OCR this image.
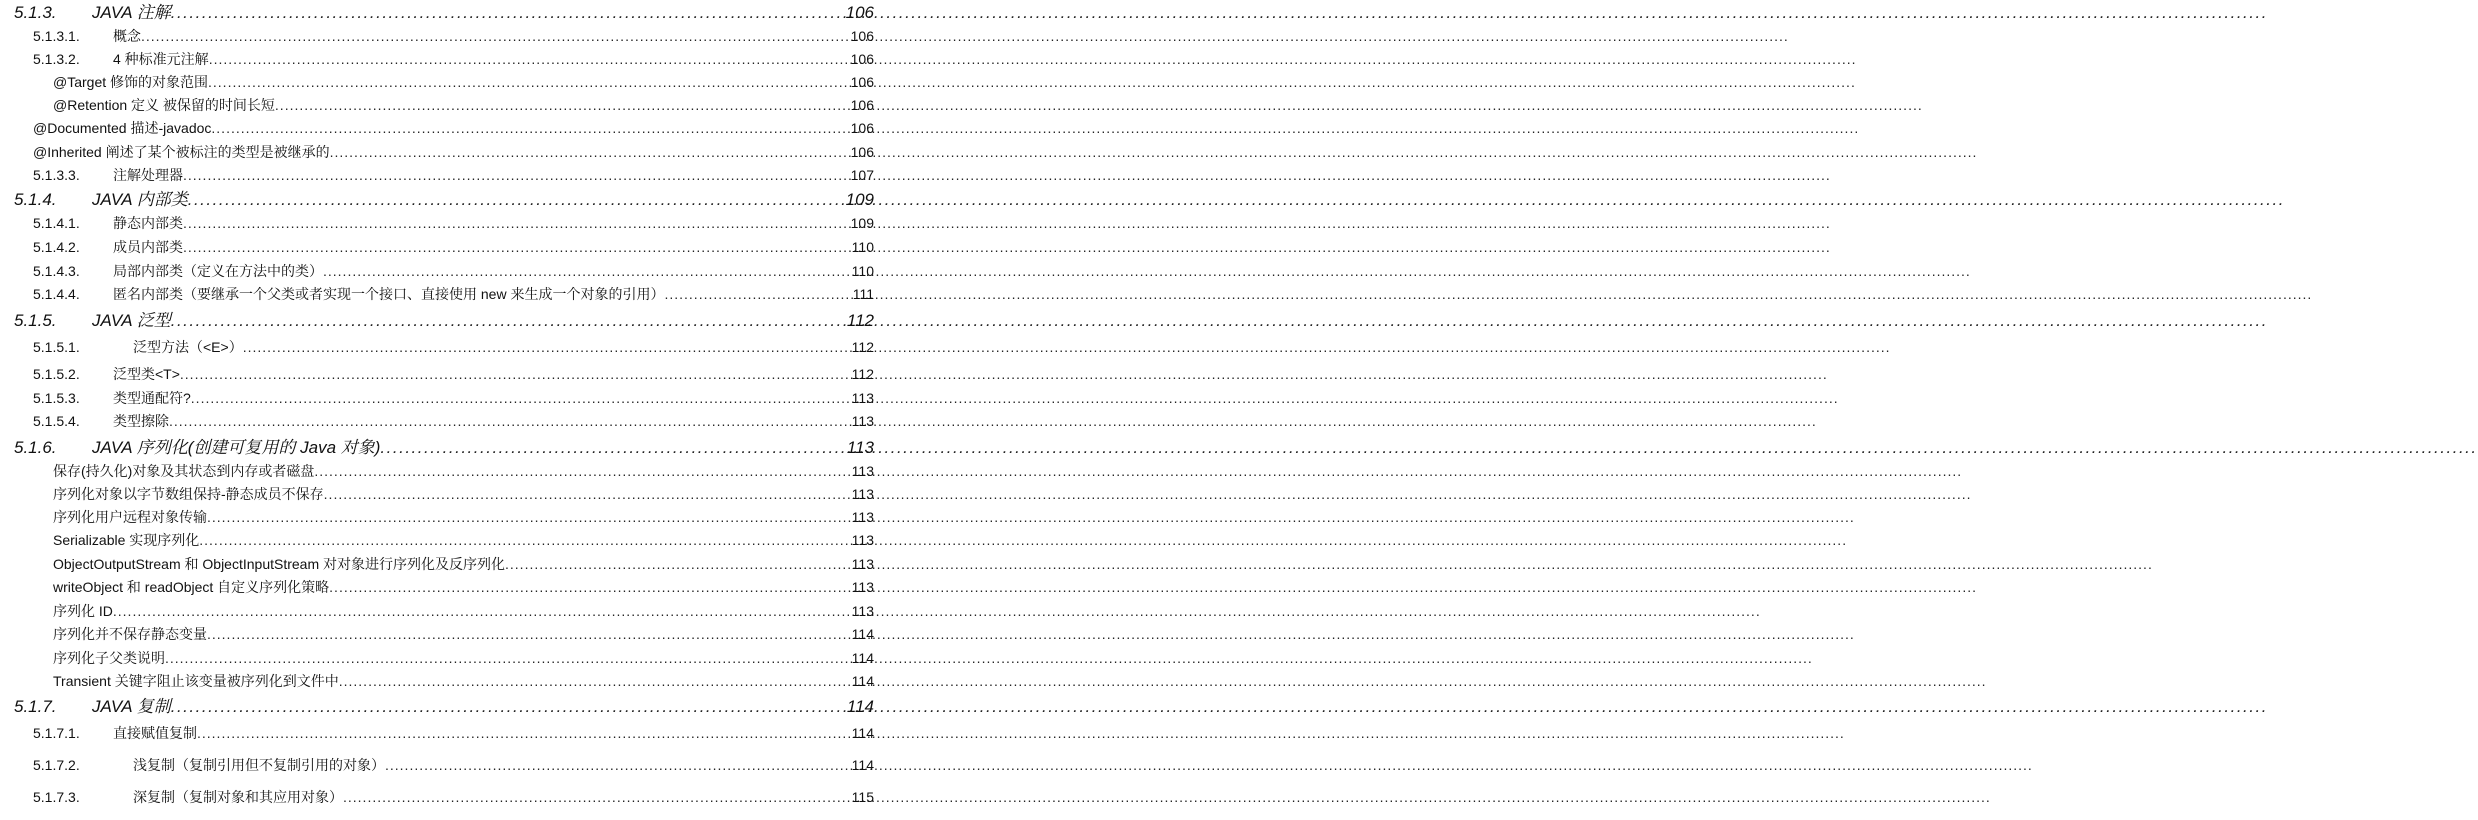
5.1.3.	JAVA 注解 .....	106
5.1.3.1.	概念 .....	106
5.1.3.2.	4 种标准元注解 .....	106
@Target 修饰的对象范围 .....	106
@Retention 定义 被保留的时间长短 .....	106
@Documented 描述-javadoc .....	106
@Inherited 阐述了某个被标注的类型是被继承的 .....	106
5.1.3.3.	注解处理器 .....	107
5.1.4.	JAVA 内部类 .....	109
5.1.4.1.	静态内部类 .....	109
5.1.4.2.	成员内部类 .....	110
5.1.4.3.	局部内部类（定义在方法中的类） .....	110
5.1.4.4.	匿名内部类（要继承一个父类或者实现一个接口、直接使用 new 来生成一个对象的引用） .....	111
5.1.5.	JAVA 泛型 .....	112
5.1.5.1.	泛型方法（<E>） .....	112
5.1.5.2.	泛型类<T> .....	112
5.1.5.3.	类型通配符? .....	113
5.1.5.4.	类型擦除 .....	113
5.1.6.	JAVA 序列化(创建可复用的 Java 对象) .....	113
保存(持久化)对象及其状态到内存或者磁盘 .....	113
序列化对象以字节数组保持-静态成员不保存 .....	113
序列化用户远程对象传输 .....	113
Serializable 实现序列化 .....	113
ObjectOutputStream 和 ObjectInputStream 对对象进行序列化及反序列化 .....	113
writeObject 和 readObject 自定义序列化策略 .....	113
序列化 ID .....	113
序列化并不保存静态变量 .....	114
序列化子父类说明 .....	114
Transient 关键字阻止该变量被序列化到文件中 .....	114
5.1.7.	JAVA 复制 .....	114
5.1.7.1.	直接赋值复制 .....	114
5.1.7.2.	浅复制（复制引用但不复制引用的对象） .....	114
5.1.7.3.	深复制（复制对象和其应用对象） .....	115
